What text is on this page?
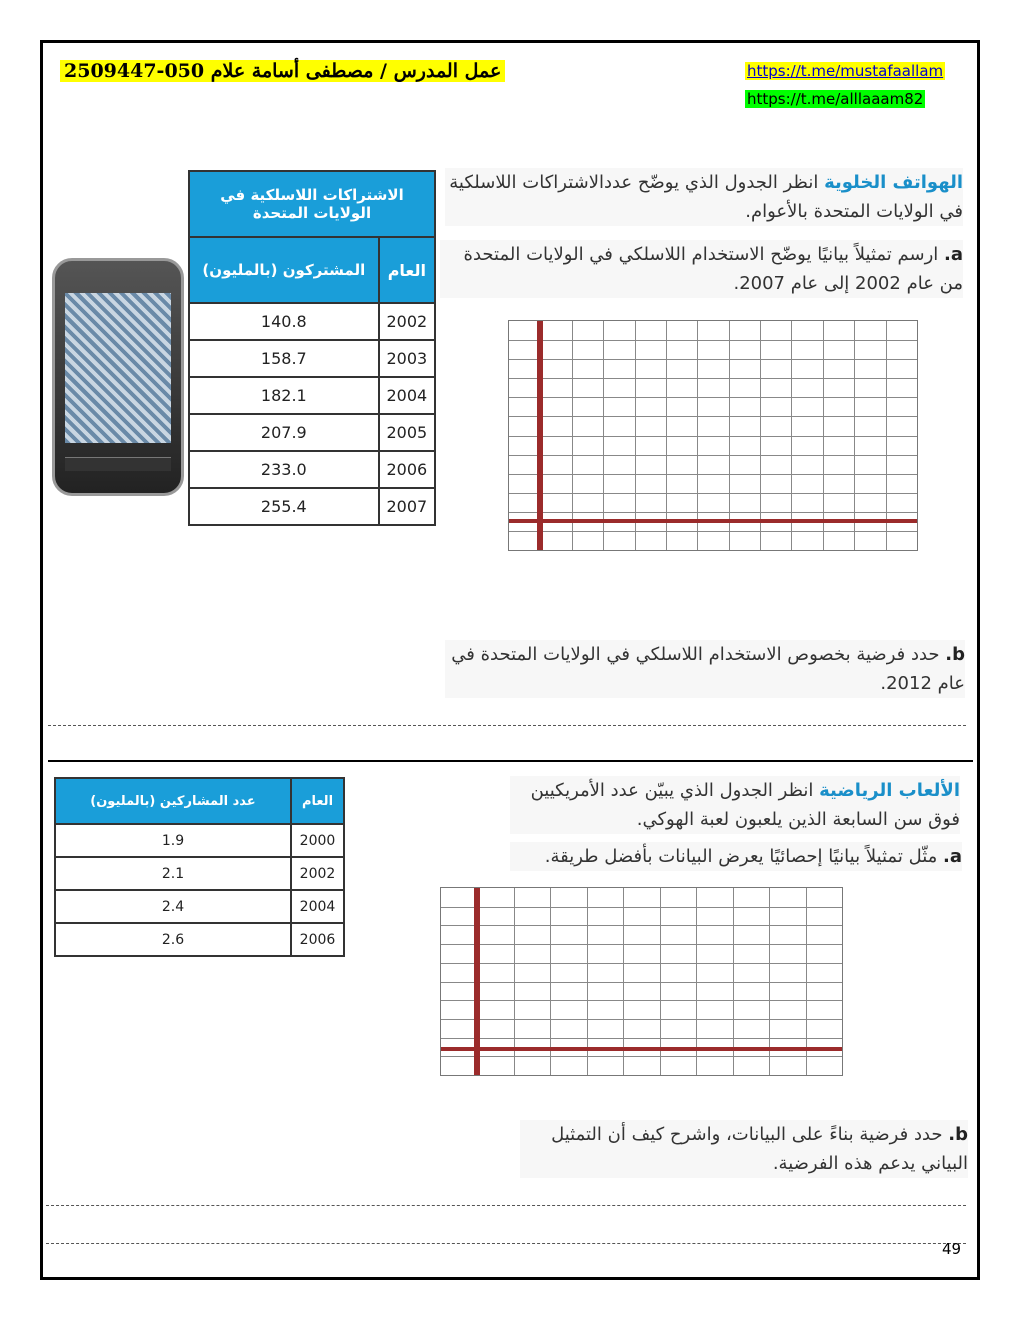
عمل المدرس / مصطفى أسامة علام 050-2509447	https://t.me/mustafaallam
https://t.me/alllaaam82
الاشتراكات اللاسلكية في الولايات المتحدة	
العام	المشتركون (بالمليون)
2002	140.8
2003	158.7
2004	182.1
2005	207.9
2006	233.0
2007	255.4
الهواتف الخلوية انظر الجدول الذي يوضّح عددالاشتراكات اللاسلكية في الولايات المتحدة بالأعوام.
a. ارسم تمثيلاً بيانيًا يوضّح الاستخدام اللاسلكي في الولايات المتحدة من عام 2002 إلى عام 2007.
b. حدد فرضية بخصوص الاستخدام اللاسلكي في الولايات المتحدة في عام 2012.
العام	عدد المشاركين (بالمليون)
2000	1.9
2002	2.1
2004	2.4
2006	2.6
الألعاب الرياضية انظر الجدول الذي يبيّن عدد الأمريكيين فوق سن السابعة الذين يلعبون لعبة الهوكي.
a. مثّل تمثيلاً بيانيًا إحصائيًا يعرض البيانات بأفضل طريقة.
b. حدد فرضية بناءً على البيانات، واشرح كيف أن التمثيل البياني يدعم هذه الفرضية.
49
